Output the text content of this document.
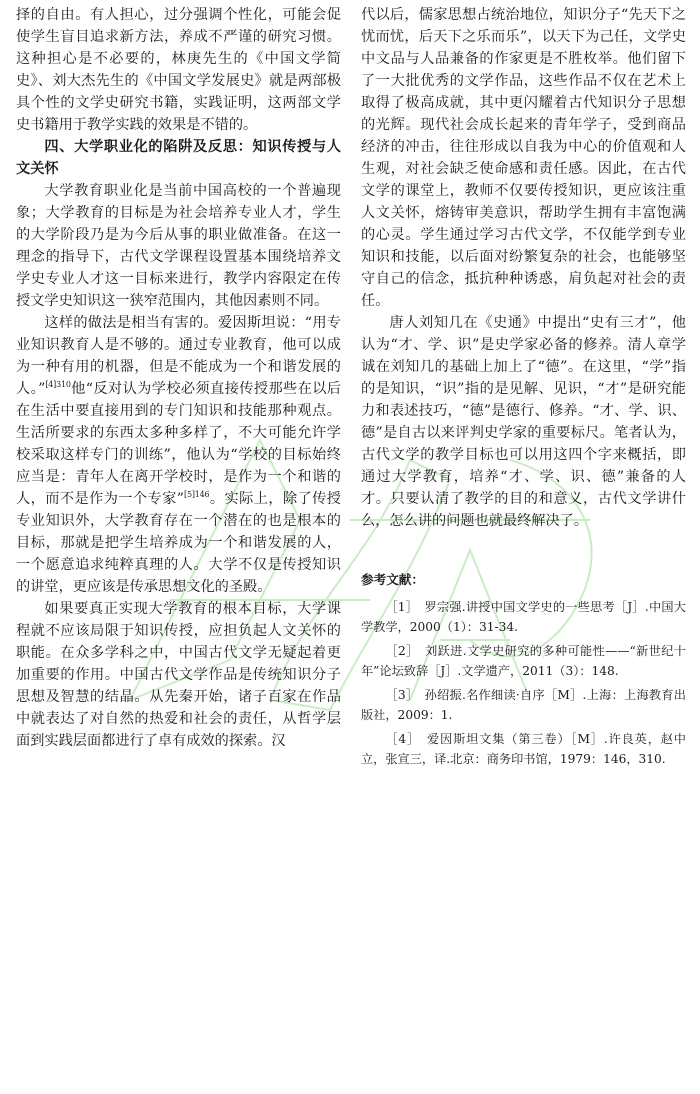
择的自由。有人担心，过分强调个性化，可能会促使学生盲目追求新方法，养成不严谨的研究习惯。这种担心是不必要的，林庚先生的《中国文学简史》、刘大杰先生的《中国文学发展史》就是两部极具个性的文学史研究书籍，实践证明，这两部文学史书籍用于教学实践的效果是不错的。

四、大学职业化的陷阱及反思：知识传授与人文关怀

大学教育职业化是当前中国高校的一个普遍现象；大学教育的目标是为社会培养专业人才，学生的大学阶段乃是为今后从事的职业做准备。在这一理念的指导下，古代文学课程设置基本围绕培养文学史专业人才这一目标来进行，教学内容限定在传授文学史知识这一狭窄范围内，其他因素则不同。

这样的做法是相当有害的。爱因斯坦说：“用专业知识教育人是不够的。通过专业教育，他可以成为一种有用的机器，但是不能成为一个和谐发展的人。”$^{[4]310}$他“反对认为学校必须直接传授那些在以后在生活中要直接用到的专门知识和技能那种观点。生活所要求的东西太多种多样了，不大可能允许学校采取这样专门的训练”，他认为“学校的目标始终应当是：青年人在离开学校时，是作为一个和谐的人，而不是作为一个专家”$^{[5]146}$。实际上，除了传授专业知识外，大学教育存在一个潜在的也是根本的目标，那就是把学生培养成为一个和谐发展的人，一个愿意追求纯粹真理的人。大学不仅是传授知识的讲堂，更应该是传承思想文化的圣殿。

如果要真正实现大学教育的根本目标，大学课程就不应该局限于知识传授，应担负起人文关怀的职能。在众多学科之中，中国古代文学无疑起着更加重要的作用。中国古代文学作品是传统知识分子思想及智慧的结晶。从先秦开始，诸子百家在作品中就表达了对自然的热爱和社会的责任，从哲学层面到实践层面都进行了卓有成效的探索。汉

代以后，儒家思想占统治地位，知识分子“先天下之忧而忧，后天下之乐而乐”，以天下为己任，文学史中文品与人品兼备的作家更是不胜枚举。他们留下了一大批优秀的文学作品，这些作品不仅在艺术上取得了极高成就，其中更闪耀着古代知识分子思想的光辉。现代社会成长起来的青年学子，受到商品经济的冲击，往往形成以自我为中心的价值观和人生观，对社会缺乏使命感和责任感。因此，在古代文学的课堂上，教师不仅要传授知识，更应该注重人文关怀，熔铸审美意识，帮助学生拥有丰富饱满的心灵。学生通过学习古代文学，不仅能学到专业知识和技能，以后面对纷繁复杂的社会，也能够坚守自己的信念，抵抗种种诱惑，肩负起对社会的责任。

唐人刘知几在《史通》中提出“史有三才”，他认为“才、学、识”是史学家必备的修养。清人章学诚在刘知几的基础上加上了“德”。在这里，“学”指的是知识，“识”指的是见解、见识，“才”是研究能力和表述技巧，“德”是德行、修养。“才、学、识、德”是自古以来评判史学家的重要标尺。笔者认为，古代文学的教学目标也可以用这四个字来概括，即通过大学教育，培养“才、学、识、德”兼备的人才。只要认清了教学的目的和意义，古代文学讲什么，怎么讲的问题也就最终解决了。

参考文献：

［1］　罗宗强.讲授中国文学史的一些思考［J］.中国大学教学，2000（1）：31-34.

［2］　刘跃进.文学史研究的多种可能性——“新世纪十年”论坛致辞［J］.文学遗产，2011（3）：148.

［3］　孙绍振.名作细读·自序［M］.上海：上海教育出版社，2009：1.

［4］　爱因斯坦文集（第三卷）［M］.许良英，赵中立，张宣三，译.北京：商务印书馆，1979：146，310.
